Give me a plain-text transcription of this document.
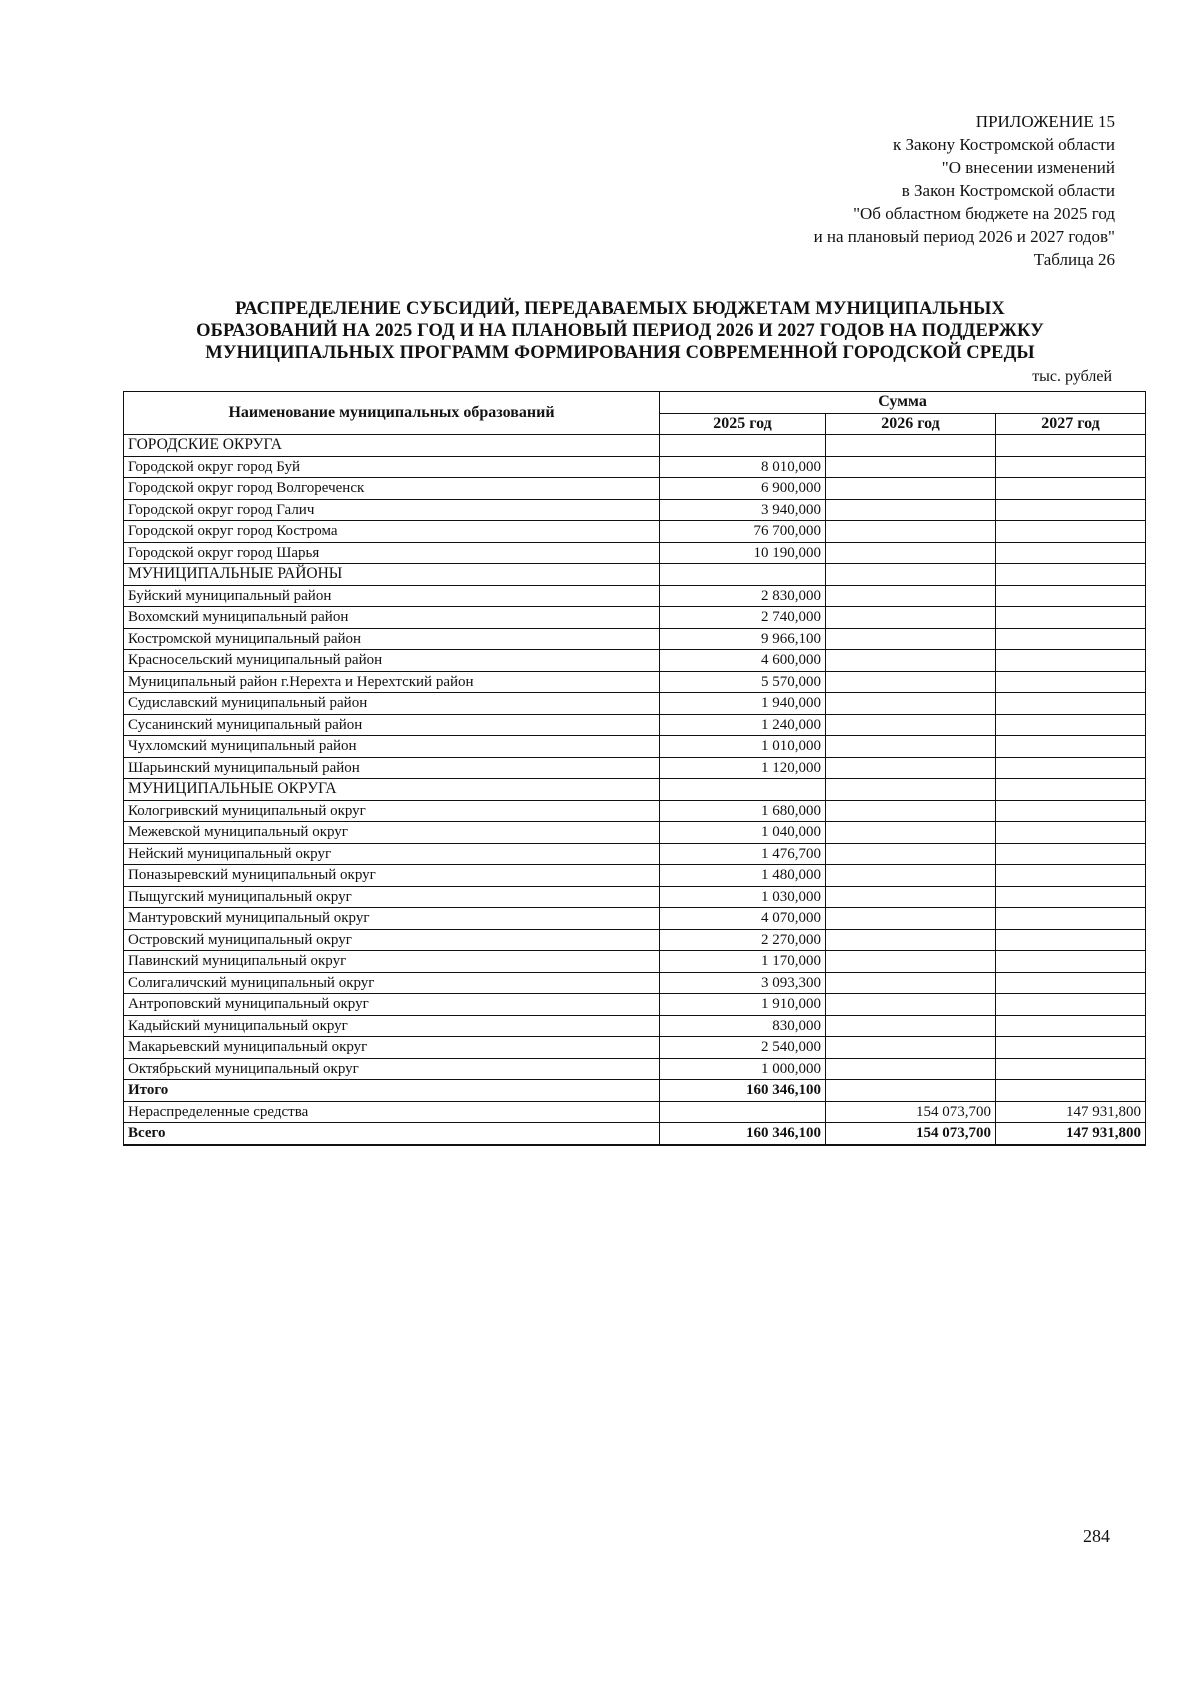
ПРИЛОЖЕНИЕ 15
к Закону Костромской области
"О внесении изменений
в Закон Костромской области
"Об областном бюджете на 2025 год
и на плановый период 2026 и 2027 годов"
Таблица 26
РАСПРЕДЕЛЕНИЕ СУБСИДИЙ, ПЕРЕДАВАЕМЫХ БЮДЖЕТАМ МУНИЦИПАЛЬНЫХ
ОБРАЗОВАНИЙ НА 2025 ГОД И НА ПЛАНОВЫЙ ПЕРИОД 2026 И 2027 ГОДОВ НА ПОДДЕРЖКУ
МУНИЦИПАЛЬНЫХ ПРОГРАММ ФОРМИРОВАНИЯ СОВРЕМЕННОЙ ГОРОДСКОЙ СРЕДЫ
тыс. рублей
Наименование муниципальных образований	Сумма		
	2025 год	2026 год	2027 год
ГОРОДСКИЕ ОКРУГА			
Городской округ город Буй	8 010,000		
Городской округ город Волгореченск	6 900,000		
Городской округ город Галич	3 940,000		
Городской округ город Кострома	76 700,000		
Городской округ город Шарья	10 190,000		
МУНИЦИПАЛЬНЫЕ РАЙОНЫ			
Буйский муниципальный район	2 830,000		
Вохомский муниципальный район	2 740,000		
Костромской муниципальный район	9 966,100		
Красносельский муниципальный район	4 600,000		
Муниципальный район г.Нерехта и Нерехтский район	5 570,000		
Судиславский муниципальный район	1 940,000		
Сусанинский муниципальный район	1 240,000		
Чухломский муниципальный район	1 010,000		
Шарьинский муниципальный район	1 120,000		
МУНИЦИПАЛЬНЫЕ ОКРУГА			
Кологривский муниципальный округ	1 680,000		
Межевской муниципальный округ	1 040,000		
Нейский муниципальный округ	1 476,700		
Поназыревский муниципальный округ	1 480,000		
Пыщугский муниципальный округ	1 030,000		
Мантуровский муниципальный округ	4 070,000		
Островский муниципальный округ	2 270,000		
Павинский муниципальный округ	1 170,000		
Солигаличский муниципальный округ	3 093,300		
Антроповский муниципальный округ	1 910,000		
Кадыйский муниципальный округ	830,000		
Макарьевский муниципальный округ	2 540,000		
Октябрьский муниципальный округ	1 000,000		
Итого	160 346,100		
Нераспределенные средства		154 073,700	147 931,800
Всего	160 346,100	154 073,700	147 931,800
284
